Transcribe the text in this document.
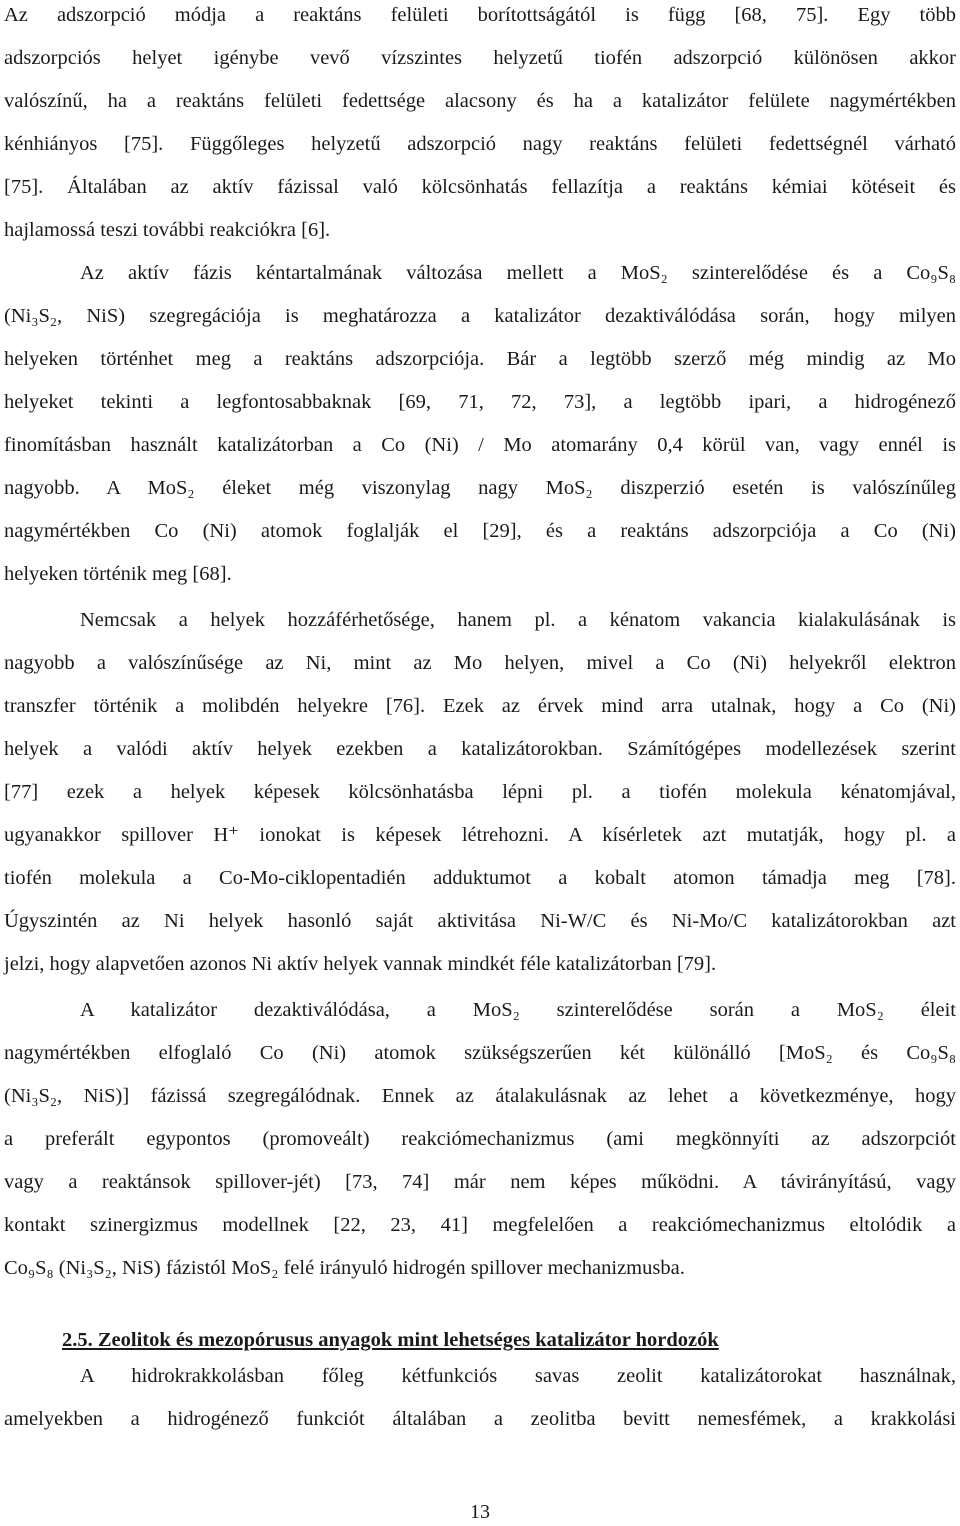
Az adszorpció módja a reaktáns felületi borítottságától is függ [68, 75]. Egy több
adszorpciós helyet igénybe vevő vízszintes helyzetű tiofén adszorpció különösen akkor
valószínű, ha a reaktáns felületi fedettsége alacsony és ha a katalizátor felülete nagymértékben
kénhiányos [75]. Függőleges helyzetű adszorpció nagy reaktáns felületi fedettségnél várható
[75]. Általában az aktív fázissal való kölcsönhatás fellazítja a reaktáns kémiai kötéseit és
hajlamossá teszi további reakciókra [6].
Az aktív fázis kéntartalmának változása mellett a MoS₂ szinterelődése és a Co₉S₈
(Ni₃S₂, NiS) szegregációja is meghatározza a katalizátor dezaktiválódása során, hogy milyen
helyeken történhet meg a reaktáns adszorpciója. Bár a legtöbb szerző még mindig az Mo
helyeket tekinti a legfontosabbaknak [69, 71, 72, 73], a legtöbb ipari, a hidrogénező
finomításban használt katalizátorban a Co (Ni) / Mo atomarány 0,4 körül van, vagy ennél is
nagyobb. A MoS₂ éleket még viszonylag nagy MoS₂ diszperzió esetén is valószínűleg
nagymértékben Co (Ni) atomok foglalják el [29], és a reaktáns adszorpciója a Co (Ni)
helyeken történik meg [68].
Nemcsak a helyek hozzáférhetősége, hanem pl. a kénatom vakancia kialakulásának is
nagyobb a valószínűsége az Ni, mint az Mo helyen, mivel a Co (Ni) helyekről elektron
transzfer történik a molibdén helyekre [76]. Ezek az érvek mind arra utalnak, hogy a Co (Ni)
helyek a valódi aktív helyek ezekben a katalizátorokban. Számítógépes modellezések szerint
[77] ezek a helyek képesek kölcsönhatásba lépni pl. a tiofén molekula kénatomjával,
ugyanakkor spillover H⁺ ionokat is képesek létrehozni. A kísérletek azt mutatják, hogy pl. a
tiofén molekula a Co-Mo-ciklopentadién adduktumot a kobalt atomon támadja meg [78].
Úgyszintén az Ni helyek hasonló saját aktivitása Ni-W/C és Ni-Mo/C katalizátorokban azt
jelzi, hogy alapvetően azonos Ni aktív helyek vannak mindkét féle katalizátorban [79].
A katalizátor dezaktiválódása, a MoS₂ szinterelődése során a MoS₂ éleit
nagymértékben elfoglaló Co (Ni) atomok szükségszerűen két különálló [MoS₂ és Co₉S₈
(Ni₃S₂, NiS)] fázissá szegregálódnak. Ennek az átalakulásnak az lehet a következménye, hogy
a preferált egypontos (promoveált) reakciómechanizmus (ami megkönnyíti az adszorpciót
vagy a reaktánsok spillover-jét) [73, 74] már nem képes működni. A távirányítású, vagy
kontakt szinergizmus modellnek [22, 23, 41] megfelelően a reakciómechanizmus eltolódik a
Co₉S₈ (Ni₃S₂, NiS) fázistól MoS₂ felé irányuló hidrogén spillover mechanizmusba.
2.5. Zeolitok és mezopórusus anyagok mint lehetséges katalizátor hordozók
A hidrokrakkolásban főleg kétfunkciós savas zeolit katalizátorokat használnak,
amelyekben a hidrogénező funkciót általában a zeolitba bevitt nemesfémek, a krakkolási
13
